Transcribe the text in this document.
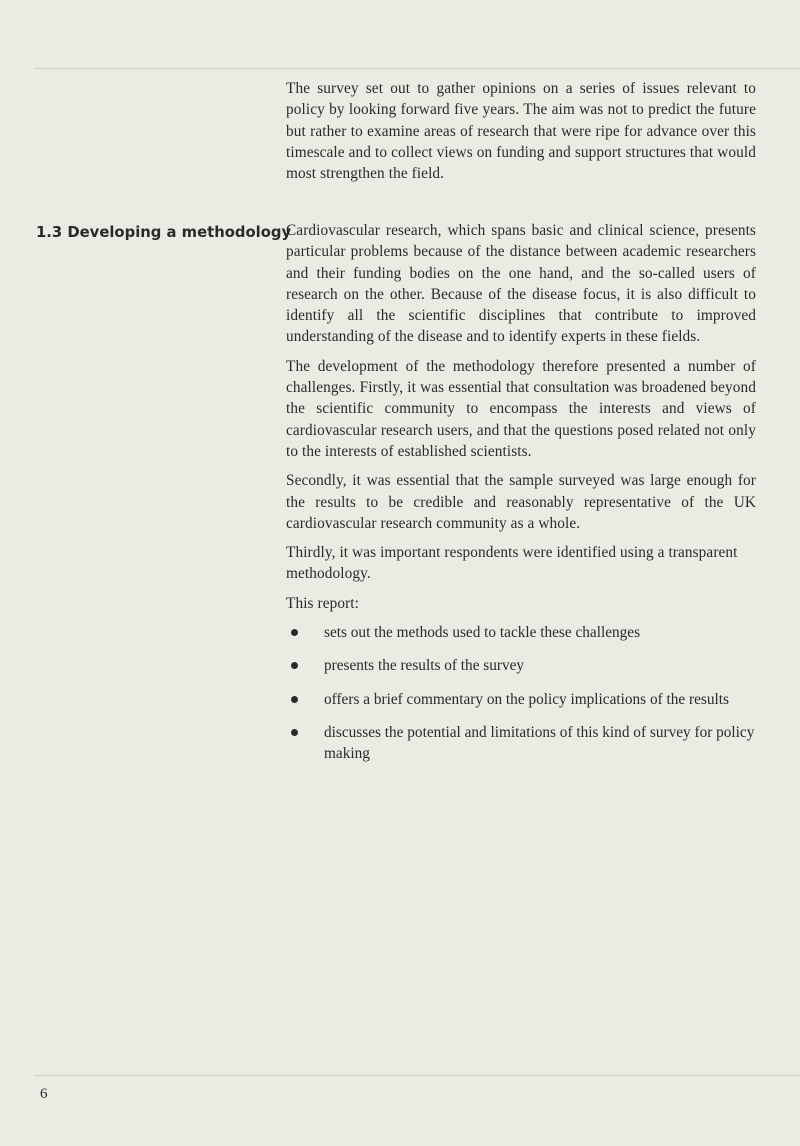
The survey set out to gather opinions on a series of issues relevant to policy by looking forward five years. The aim was not to predict the future but rather to examine areas of research that were ripe for advance over this timescale and to collect views on funding and support structures that would most strengthen the field.

1.3 Developing a methodology

Cardiovascular research, which spans basic and clinical science, presents particular problems because of the distance between academic researchers and their funding bodies on the one hand, and the so-called users of research on the other. Because of the disease focus, it is also difficult to identify all the scientific disciplines that contribute to improved understanding of the disease and to identify experts in these fields.

The development of the methodology therefore presented a number of challenges. Firstly, it was essential that consultation was broadened beyond the scientific community to encompass the interests and views of cardiovascular research users, and that the questions posed related not only to the interests of established scientists.

Secondly, it was essential that the sample surveyed was large enough for the results to be credible and reasonably representative of the UK cardiovascular research community as a whole.

Thirdly, it was important respondents were identified using a transparent methodology.

This report:

sets out the methods used to tackle these challenges
presents the results of the survey
offers a brief commentary on the policy implications of the results
discusses the potential and limitations of this kind of survey for policy making
6
